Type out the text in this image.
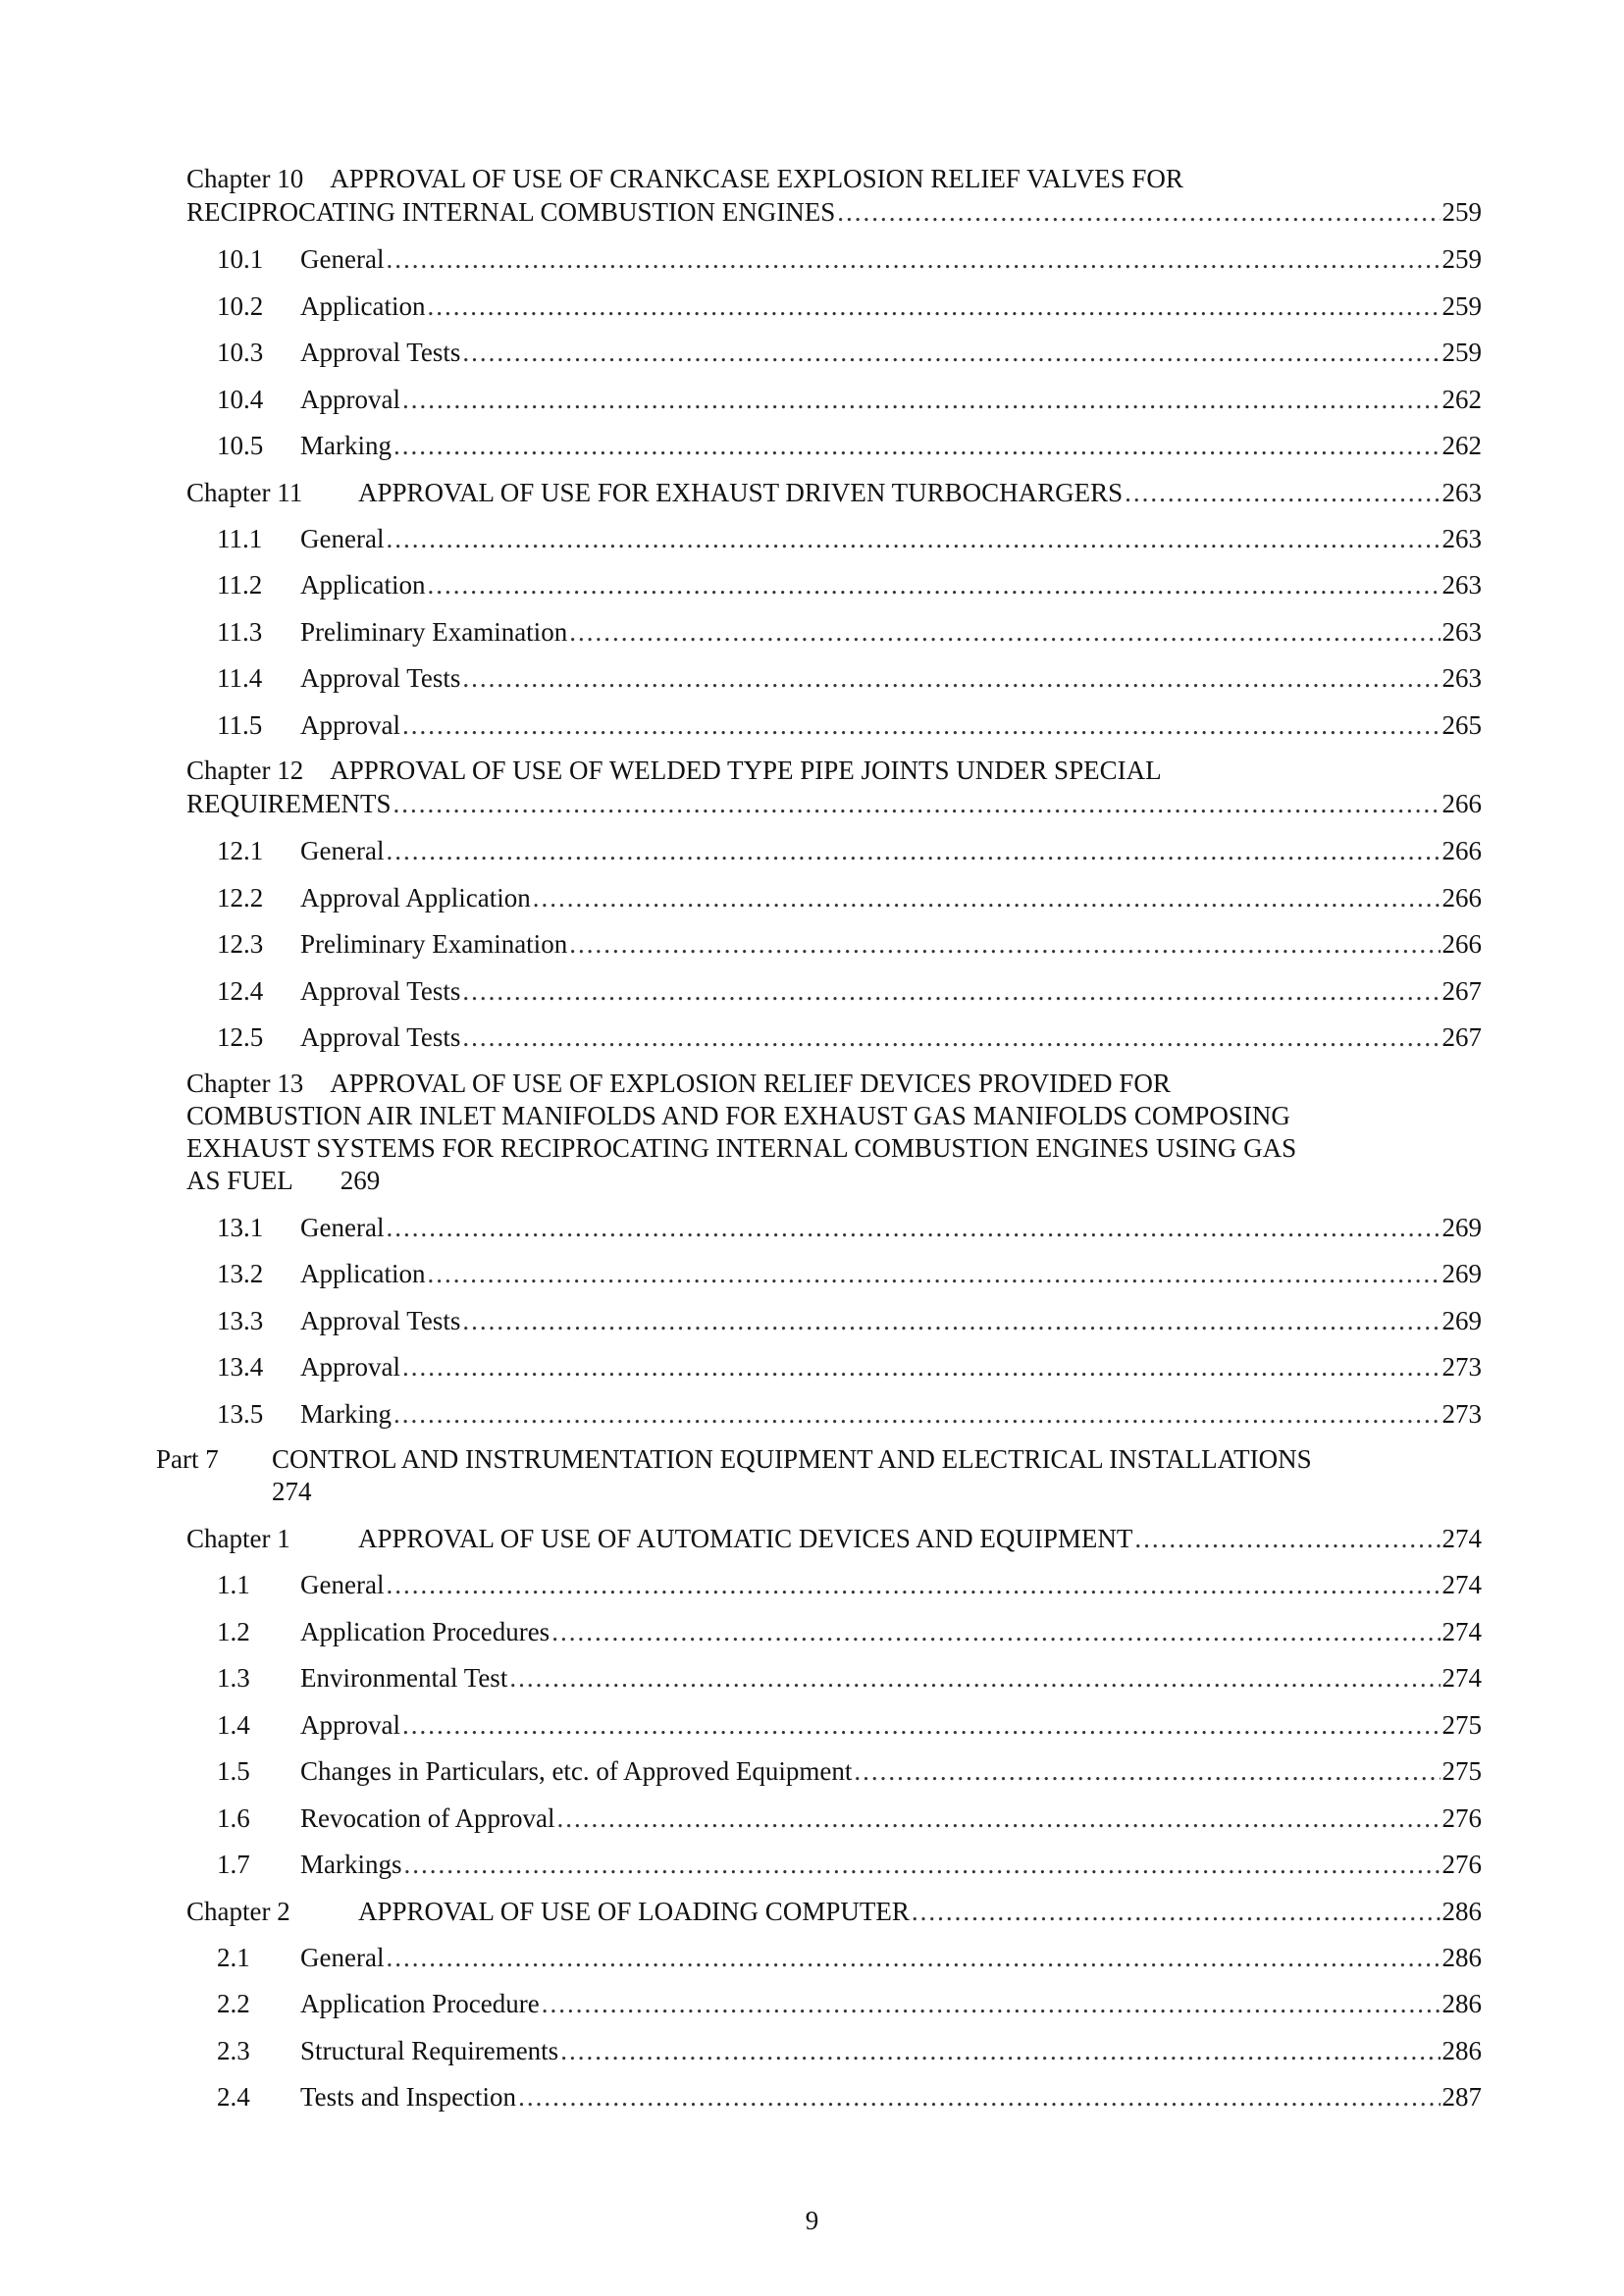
Chapter 10　APPROVAL OF USE OF CRANKCASE EXPLOSION RELIEF VALVES FOR
RECIPROCATING INTERNAL COMBUSTION ENGINES .....	259
10.1	General .....	259
10.2	Application .....	259
10.3	Approval Tests .....	259
10.4	Approval .....	262
10.5	Marking .....	262
Chapter 11	APPROVAL OF USE FOR EXHAUST DRIVEN TURBOCHARGERS .....	263
11.1	General .....	263
11.2	Application .....	263
11.3	Preliminary Examination .....	263
11.4	Approval Tests .....	263
11.5	Approval .....	265
Chapter 12　APPROVAL OF USE OF WELDED TYPE PIPE JOINTS UNDER SPECIAL
REQUIREMENTS .....	266
12.1	General .....	266
12.2	Approval Application .....	266
12.3	Preliminary Examination .....	266
12.4	Approval Tests .....	267
12.5	Approval Tests .....	267
Chapter 13　APPROVAL OF USE OF EXPLOSION RELIEF DEVICES PROVIDED FOR
COMBUSTION AIR INLET MANIFOLDS AND FOR EXHAUST GAS MANIFOLDS COMPOSING
EXHAUST SYSTEMS FOR RECIPROCATING INTERNAL COMBUSTION ENGINES USING GAS
AS FUEL 269
13.1	General .....	269
13.2	Application .....	269
13.3	Approval Tests .....	269
13.4	Approval .....	273
13.5	Marking .....	273
Part 7 CONTROL AND INSTRUMENTATION EQUIPMENT AND ELECTRICAL INSTALLATIONS
274
Chapter 1	APPROVAL OF USE OF AUTOMATIC DEVICES AND EQUIPMENT .....	274
1.1	General .....	274
1.2	Application Procedures .....	274
1.3	Environmental Test .....	274
1.4	Approval .....	275
1.5	Changes in Particulars, etc. of Approved Equipment .....	275
1.6	Revocation of Approval .....	276
1.7	Markings .....	276
Chapter 2	APPROVAL OF USE OF LOADING COMPUTER .....	286
2.1	General .....	286
2.2	Application Procedure .....	286
2.3	Structural Requirements .....	286
2.4	Tests and Inspection .....	287
9
